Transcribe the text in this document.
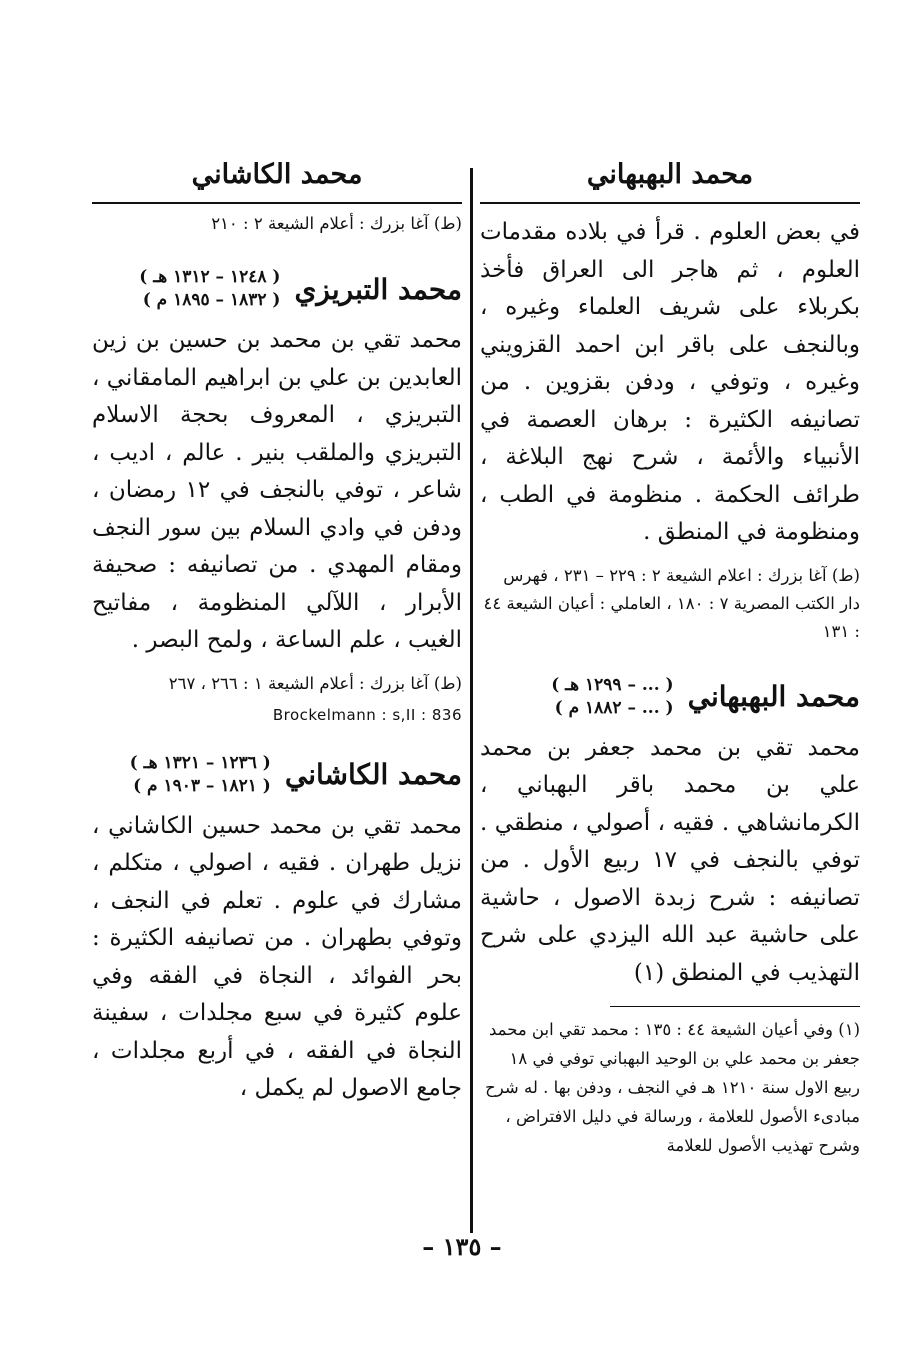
محمد البهبهاني
في بعض العلوم . قرأ في بلاده مقدمات العلوم ، ثم هاجر الى العراق فأخذ بكربلاء على شريف العلماء وغيره ، وبالنجف على باقر ابن احمد القزويني وغيره ، وتوفي ، ودفن بقزوين . من تصانيفه الكثيرة : برهان العصمة في الأنبياء والأئمة ، شرح نهج البلاغة ، طرائف الحكمة . منظومة في الطب ، ومنظومة في المنطق .
(ط) آغا بزرك : اعلام الشيعة ٢ : ٢٢٩ – ٢٣١ ، فهرس دار الكتب المصرية ٧ : ١٨٠ ، العاملي : أعيان الشيعة ٤٤ : ١٣١
محمد البهبهاني
( ... – ١٢٩٩ هـ )
( ... – ١٨٨٢ م )
محمد تقي بن محمد جعفر بن محمد علي بن محمد باقر البهباني ، الكرمانشاهي . فقيه ، أصولي ، منطقي . توفي بالنجف في ١٧ ربيع الأول . من تصانيفه : شرح زبدة الاصول ، حاشية على حاشية عبد الله اليزدي على شرح التهذيب في المنطق (١)
(١) وفي أعيان الشيعة ٤٤ : ١٣٥ : محمد تقي ابن محمد جعفر بن محمد علي بن الوحيد البهباني توفي في ١٨ ربيع الاول سنة ١٢١٠ هـ في النجف ، ودفن بها . له شرح مبادىء الأصول للعلامة ، ورسالة في دليل الافتراض ، وشرح تهذيب الأصول للعلامة
محمد الكاشاني
(ط) آغا بزرك : أعلام الشيعة ٢ : ٢١٠
محمد التبريزي
( ١٢٤٨ – ١٣١٢ هـ )
( ١٨٣٢ – ١٨٩٥ م )
محمد تقي بن محمد بن حسين بن زين العابدين بن علي بن ابراهيم المامقاني ، التبريزي ، المعروف بحجة الاسلام التبريزي والملقب بنير . عالم ، اديب ، شاعر ، توفي بالنجف في ١٢ رمضان ، ودفن في وادي السلام بين سور النجف ومقام المهدي . من تصانيفه : صحيفة الأبرار ، اللآلي المنظومة ، مفاتيح الغيب ، علم الساعة ، ولمح البصر .
(ط) آغا بزرك : أعلام الشيعة ١ : ٢٦٦ ، ٢٦٧
Brockelmann : s,II : 836
محمد الكاشاني
( ١٢٣٦ – ١٣٢١ هـ )
( ١٨٢١ – ١٩٠٣ م )
محمد تقي بن محمد حسين الكاشاني ، نزيل طهران . فقيه ، اصولي ، متكلم ، مشارك في علوم . تعلم في النجف ، وتوفي بطهران . من تصانيفه الكثيرة : بحر الفوائد ، النجاة في الفقه وفي علوم كثيرة في سبع مجلدات ، سفينة النجاة في الفقه ، في أربع مجلدات ، جامع الاصول لم يكمل ،
– ١٣٥ –
